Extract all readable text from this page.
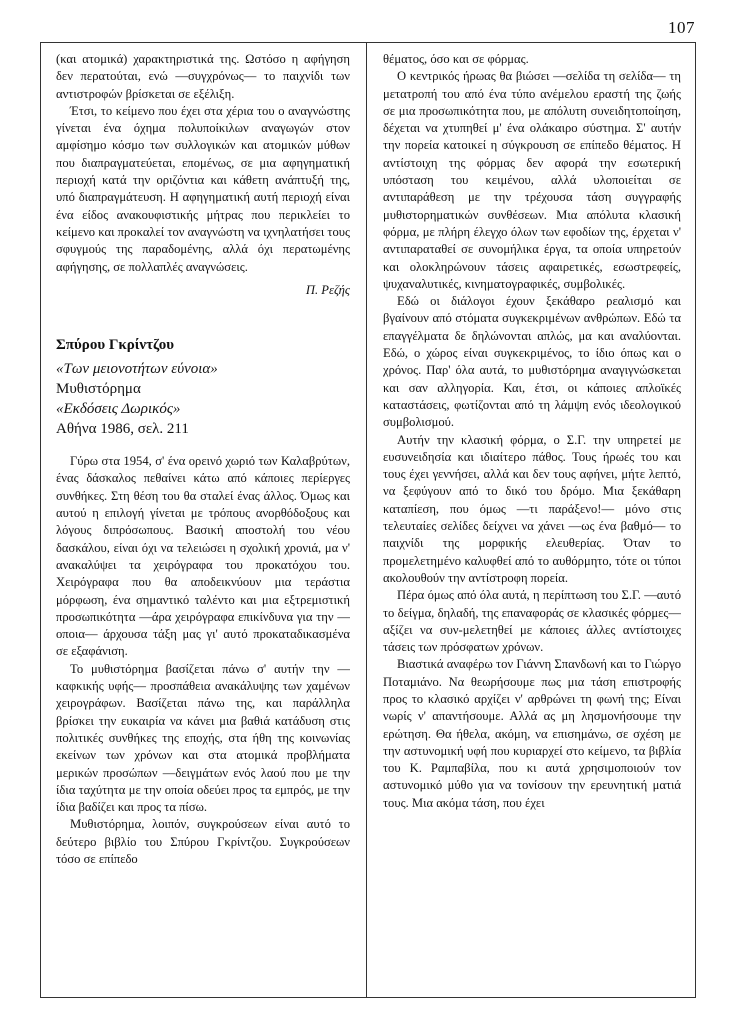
107

(και ατομικά) χαρακτηριστικά της. Ωστόσο η αφήγηση δεν περατούται, ενώ —συγχρόνως— το παιχνίδι των αντιστροφών βρίσκεται σε εξέλιξη.

Έτσι, το κείμενο που έχει στα χέρια του ο αναγνώστης γίνεται ένα όχημα πολυποίκιλων αναγωγών στον αμφίσημο κόσμο των συλλογικών και ατομικών μύθων που διαπραγματεύεται, επομένως, σε μια αφηγηματική περιοχή κατά την οριζόντια και κάθετη ανάπτυξή της, υπό διαπραγμάτευση. Η αφηγηματική αυτή περιοχή είναι ένα είδος ανακουφιστικής μήτρας που περικλείει το κείμενο και προκαλεί τον αναγνώστη να ιχνηλατήσει τους σφυγμούς της παραδομένης, αλλά όχι περατωμένης αφήγησης, σε πολλαπλές αναγνώσεις.

Π. Ρεζής

Σπύρου Γκρίντζου
«Των μειονοτήτων εύνοια»
Μυθιστόρημα
«Εκδόσεις Δωρικός»
Αθήνα 1986, σελ. 211

Γύρω στα 1954, σ' ένα ορεινό χωριό των Καλαβρύτων, ένας δάσκαλος πεθαίνει κάτω από κάποιες περίεργες συνθήκες. Στη θέση του θα σταλεί ένας άλλος. Όμως και αυτού η επιλογή γίνεται με τρόπους ανορθόδοξους και λόγους διπρόσωπους. Βασική αποστολή του νέου δασκάλου, είναι όχι να τελειώσει η σχολική χρονιά, μα ν' ανακαλύψει τα χειρόγραφα του προκατόχου του. Χειρόγραφα που θα αποδεικνύουν μια τεράστια μόρφωση, ένα σημαντικό ταλέντο και μια εξτρεμιστική προσωπικότητα —άρα χειρόγραφα επικίνδυνα για την —οποια— άρχουσα τάξη μας γι' αυτό προκαταδικασμένα σε εξαφάνιση.

Το μυθιστόρημα βασίζεται πάνω σ' αυτήν την —καφκικής υφής— προσπάθεια ανακάλυψης των χαμένων χειρογράφων. Βασίζεται πάνω της, και παράλληλα βρίσκει την ευκαιρία να κάνει μια βαθιά κατάδυση στις πολιτικές συνθήκες της εποχής, στα ήθη της κοινωνίας εκείνων των χρόνων και στα ατομικά προβλήματα μερικών προσώπων —δειγμάτων ενός λαού που με την ίδια ταχύτητα με την οποία οδεύει προς τα εμπρός, με την ίδια βαδίζει και προς τα πίσω.

Μυθιστόρημα, λοιπόν, συγκρούσεων είναι αυτό το δεύτερο βιβλίο του Σπύρου Γκρίντζου. Συγκρούσεων τόσο σε επίπεδο

θέματος, όσο και σε φόρμας.

Ο κεντρικός ήρωας θα βιώσει —σελίδα τη σελίδα— τη μετατροπή του από ένα τύπο ανέμελου εραστή της ζωής σε μια προσωπικότητα που, με απόλυτη συνειδητοποίηση, δέχεται να χτυπηθεί μ' ένα ολάκαιρο σύστημα. Σ' αυτήν την πορεία κατοικεί η σύγκρουση σε επίπεδο θέματος. Η αντίστοιχη της φόρμας δεν αφορά την εσωτερική υπόσταση του κειμένου, αλλά υλοποιείται σε αντιπαράθεση με την τρέχουσα τάση συγγραφής μυθιστορηματικών συνθέσεων. Μια απόλυτα κλασική φόρμα, με πλήρη έλεγχο όλων των εφοδίων της, έρχεται ν' αντιπαραταθεί σε συνομήλικα έργα, τα οποία υπηρετούν και ολοκληρώνουν τάσεις αφαιρετικές, εσωστρεφείς, ψυχαναλυτικές, κινηματογραφικές, συμβολικές.

Εδώ οι διάλογοι έχουν ξεκάθαρο ρεαλισμό και βγαίνουν από στόματα συγκεκριμένων ανθρώπων. Εδώ τα επαγγέλματα δε δηλώνονται απλώς, μα και αναλύονται. Εδώ, ο χώρος είναι συγκεκριμένος, το ίδιο όπως και ο χρόνος. Παρ' όλα αυτά, το μυθιστόρημα αναγιγνώσκεται και σαν αλληγορία. Και, έτσι, οι κάποιες απλοϊκές καταστάσεις, φωτίζονται από τη λάμψη ενός ιδεολογικού συμβολισμού.

Αυτήν την κλασική φόρμα, ο Σ.Γ. την υπηρετεί με ευσυνειδησία και ιδιαίτερο πάθος. Τους ήρωές του και τους έχει γεννήσει, αλλά και δεν τους αφήνει, μήτε λεπτό, να ξεφύγουν από το δικό του δρόμο. Μια ξεκάθαρη καταπίεση, που όμως —τι παράξενο!— μόνο στις τελευταίες σελίδες δείχνει να χάνει —ως ένα βαθμό— το παιχνίδι της μορφικής ελευθερίας. Όταν το προμελετημένο καλυφθεί από το αυθόρμητο, τότε οι τύποι ακολουθούν την αντίστροφη πορεία.

Πέρα όμως από όλα αυτά, η περίπτωση του Σ.Γ. —αυτό το δείγμα, δηλαδή, της επαναφοράς σε κλασικές φόρμες— αξίζει να συν-μελετηθεί με κάποιες άλλες αντίστοιχες τάσεις των πρόσφατων χρόνων.

Βιαστικά αναφέρω τον Γιάννη Σπανδωνή και το Γιώργο Ποταμιάνο. Να θεωρήσουμε πως μια τάση επιστροφής προς το κλασικό αρχίζει ν' αρθρώνει τη φωνή της; Είναι νωρίς ν' απαντήσουμε. Αλλά ας μη λησμονήσουμε την ερώτηση. Θα ήθελα, ακόμη, να επισημάνω, σε σχέση με την αστυνομική υφή που κυριαρχεί στο κείμενο, τα βιβλία του Κ. Ραμπαβίλα, που κι αυτά χρησιμοποιούν τον αστυνομικό μύθο για να τονίσουν την ερευνητική ματιά τους. Μια ακόμα τάση, που έχει
